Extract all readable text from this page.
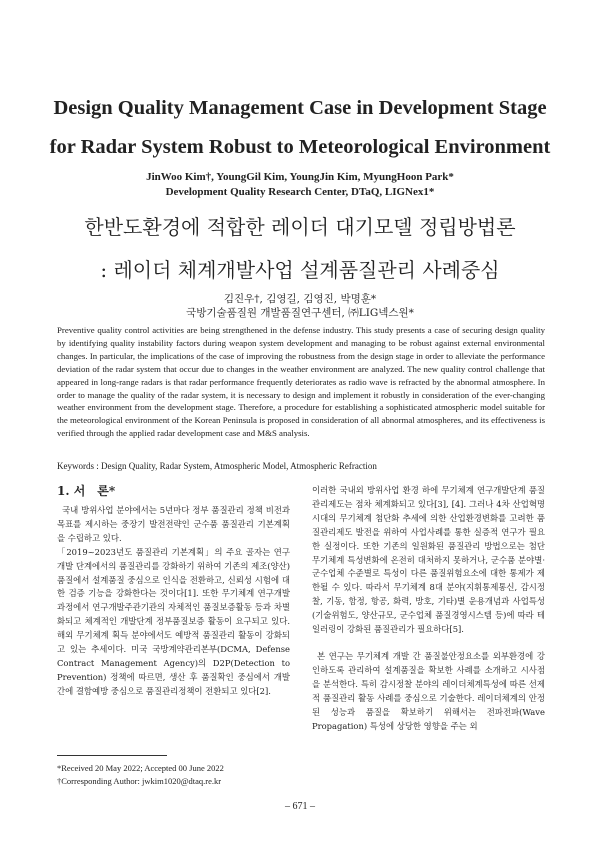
Design Quality Management Case in Development Stage
for Radar System Robust to Meteorological Environment
JinWoo Kim†, YoungGil Kim, YoungJin Kim, MyungHoon Park*
Development Quality Research Center, DTaQ, LIGNex1*
한반도환경에 적합한 레이더 대기모델 정립방법론
: 레이더 체계개발사업 설계품질관리 사례중심
김진우†, 김영길, 김영진, 박명훈*
국방기술품질원 개발품질연구센터, ㈜LIG넥스원*

Preventive quality control activities are being strengthened in the defense industry. This study presents a case of securing design quality by identifying quality instability factors during weapon system development and managing to be robust against external environmental changes. In particular, the implications of the case of improving the robustness from the design stage in order to alleviate the performance deviation of the radar system that occur due to changes in the weather environment are analyzed. The new quality control challenge that appeared in long-range radars is that radar performance frequently deteriorates as radio wave is refracted by the abnormal atmosphere. In order to manage the quality of the radar system, it is necessary to design and implement it robustly in consideration of the ever-changing weather environment from the development stage. Therefore, a procedure for establishing a sophisticated atmospheric model suitable for the meteorological environment of the Korean Peninsula is proposed in consideration of all abnormal atmospheres, and its effectiveness is verified through the applied radar development case and M&S analysis.

Keywords : Design Quality, Radar System, Atmospheric Model, Atmospheric Refraction

1. 서　론*

국내 방위사업 분야에서는 5년마다 정부 품질관리 정책 비전과 목표를 제시하는 중장기 발전전략인 군수품 품질관리 기본계획을 수립하고 있다.

「2019~2023년도 품질관리 기본계획」의 주요 골자는 연구개발 단계에서의 품질관리를 강화하기 위하여 기존의 제조(양산)품질에서 설계품질 중심으로 인식을 전환하고, 신뢰성 시험에 대한 검증 기능을 강화한다는 것이다[1]. 또한 무기체계 연구개발 과정에서 연구개발주관기관의 자체적인 품질보증활동 등과 차별화되고 체계적인 개발단계 정부품질보증 활동이 요구되고 있다. 해외 무기체계 획득 분야에서도 예방적 품질관리 활동이 강화되고 있는 추세이다. 미국 국방계약관리본부(DCMA, Defense Contract Management Agency)의 D2P(Detection to Prevention) 정책에 따르면, 생산 후 품질확인 중심에서 개발 간에 결함예방 중심으로 품질관리정책이 전환되고 있다[2].

이러한 국내외 방위사업 환경 하에 무기체계 연구개발단계 품질관리제도는 점차 체계화되고 있다[3], [4]. 그러나 4차 산업혁명 시대의 무기체계 첨단화 추세에 의한 산업환경변화를 고려한 품질관리제도 발전을 위하여 사업사례를 통한 실증적 연구가 필요한 실정이다. 또한 기존의 일원화된 품질관리 방법으로는 첨단 무기체계 특성변화에 온전히 대처하지 못하거나, 군수품 분야별·군수업체 수준별로 특성이 다른 품질위험요소에 대한 통제가 제한될 수 있다. 따라서 무기체계 8대 분야(지휘통제통신, 감시정찰, 기동, 함정, 항공, 화력, 방호, 기타)별 운용개념과 사업특성(기술위험도, 양산규모, 군수업체 품질경영시스템 등)에 따라 테일러링이 강화된 품질관리가 필요하다[5].

본 연구는 무기체계 개발 간 품질불안정요소를 외부환경에 강인하도록 관리하여 설계품질을 확보한 사례를 소개하고 시사점을 분석한다. 특히 감시정찰 분야의 레이더체계특성에 따른 선제적 품질관리 활동 사례를 중심으로 기술한다. 레이더체계의 안정된 성능과 품질을 확보하기 위해서는 전파전파(Wave Propagation) 특성에 상당한 영향을 주는 외

*Received 20 May 2022; Accepted 00 June 2022

†Corresponding Author: jwkim1020@dtaq.re.kr

– 671 –
